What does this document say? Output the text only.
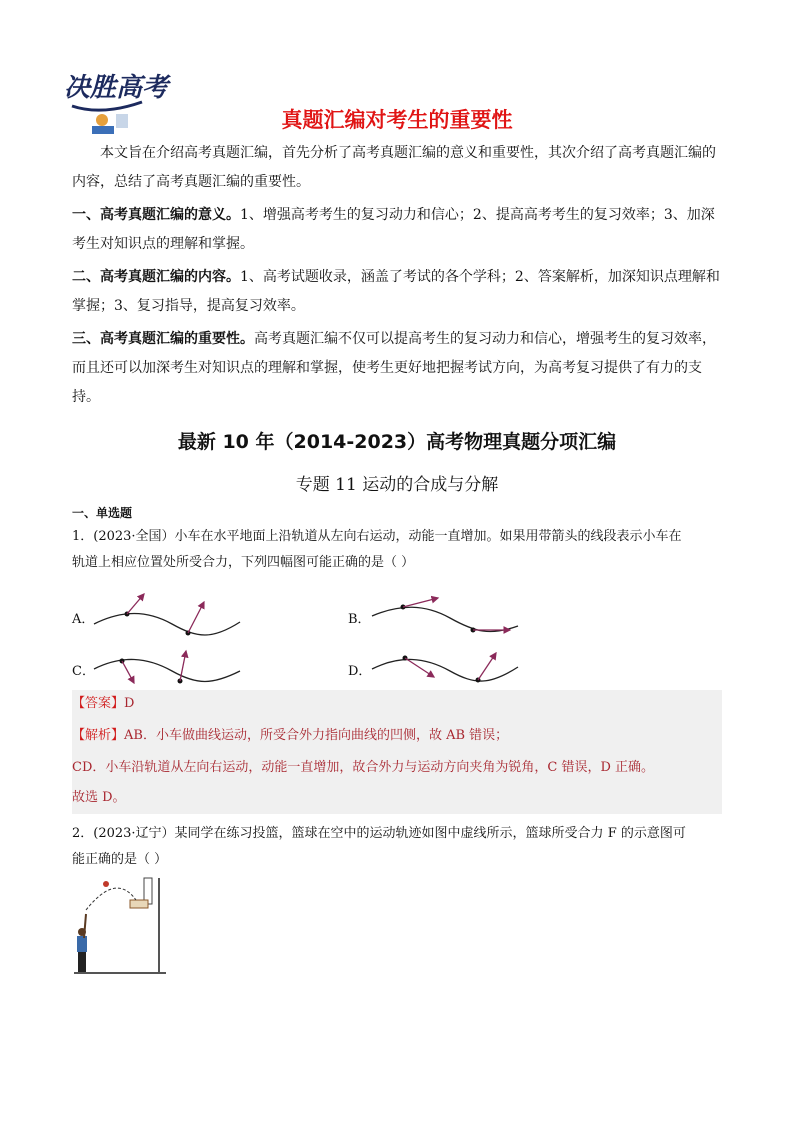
决胜高考
真题汇编对考生的重要性
本文旨在介绍高考真题汇编，首先分析了高考真题汇编的意义和重要性，其次介绍了高考真题汇编的内容，总结了高考真题汇编的重要性。
一、高考真题汇编的意义。1、增强高考考生的复习动力和信心；2、提高高考考生的复习效率；3、加深考生对知识点的理解和掌握。
二、高考真题汇编的内容。1、高考试题收录，涵盖了考试的各个学科；2、答案解析，加深知识点理解和掌握；3、复习指导，提高复习效率。
三、高考真题汇编的重要性。高考真题汇编不仅可以提高考生的复习动力和信心，增强考生的复习效率，而且还可以加深考生对知识点的理解和掌握，使考生更好地把握考试方向，为高考复习提供了有力的支持。
最新 10 年（2014-2023）高考物理真题分项汇编
专题 11 运动的合成与分解
一、单选题
1．(2023·全国）小车在水平地面上沿轨道从左向右运动，动能一直增加。如果用带箭头的线段表示小车在
轨道上相应位置处所受合力，下列四幅图可能正确的是（ ）
A．	B．
C．	D．
【答案】D
【解析】AB．小车做曲线运动，所受合外力指向曲线的凹侧，故 AB 错误；
CD．小车沿轨道从左向右运动，动能一直增加，故合外力与运动方向夹角为锐角，C 错误，D 正确。
故选 D。
2．(2023·辽宁）某同学在练习投篮，篮球在空中的运动轨迹如图中虚线所示，篮球所受合力 F 的示意图可
能正确的是（ ）
